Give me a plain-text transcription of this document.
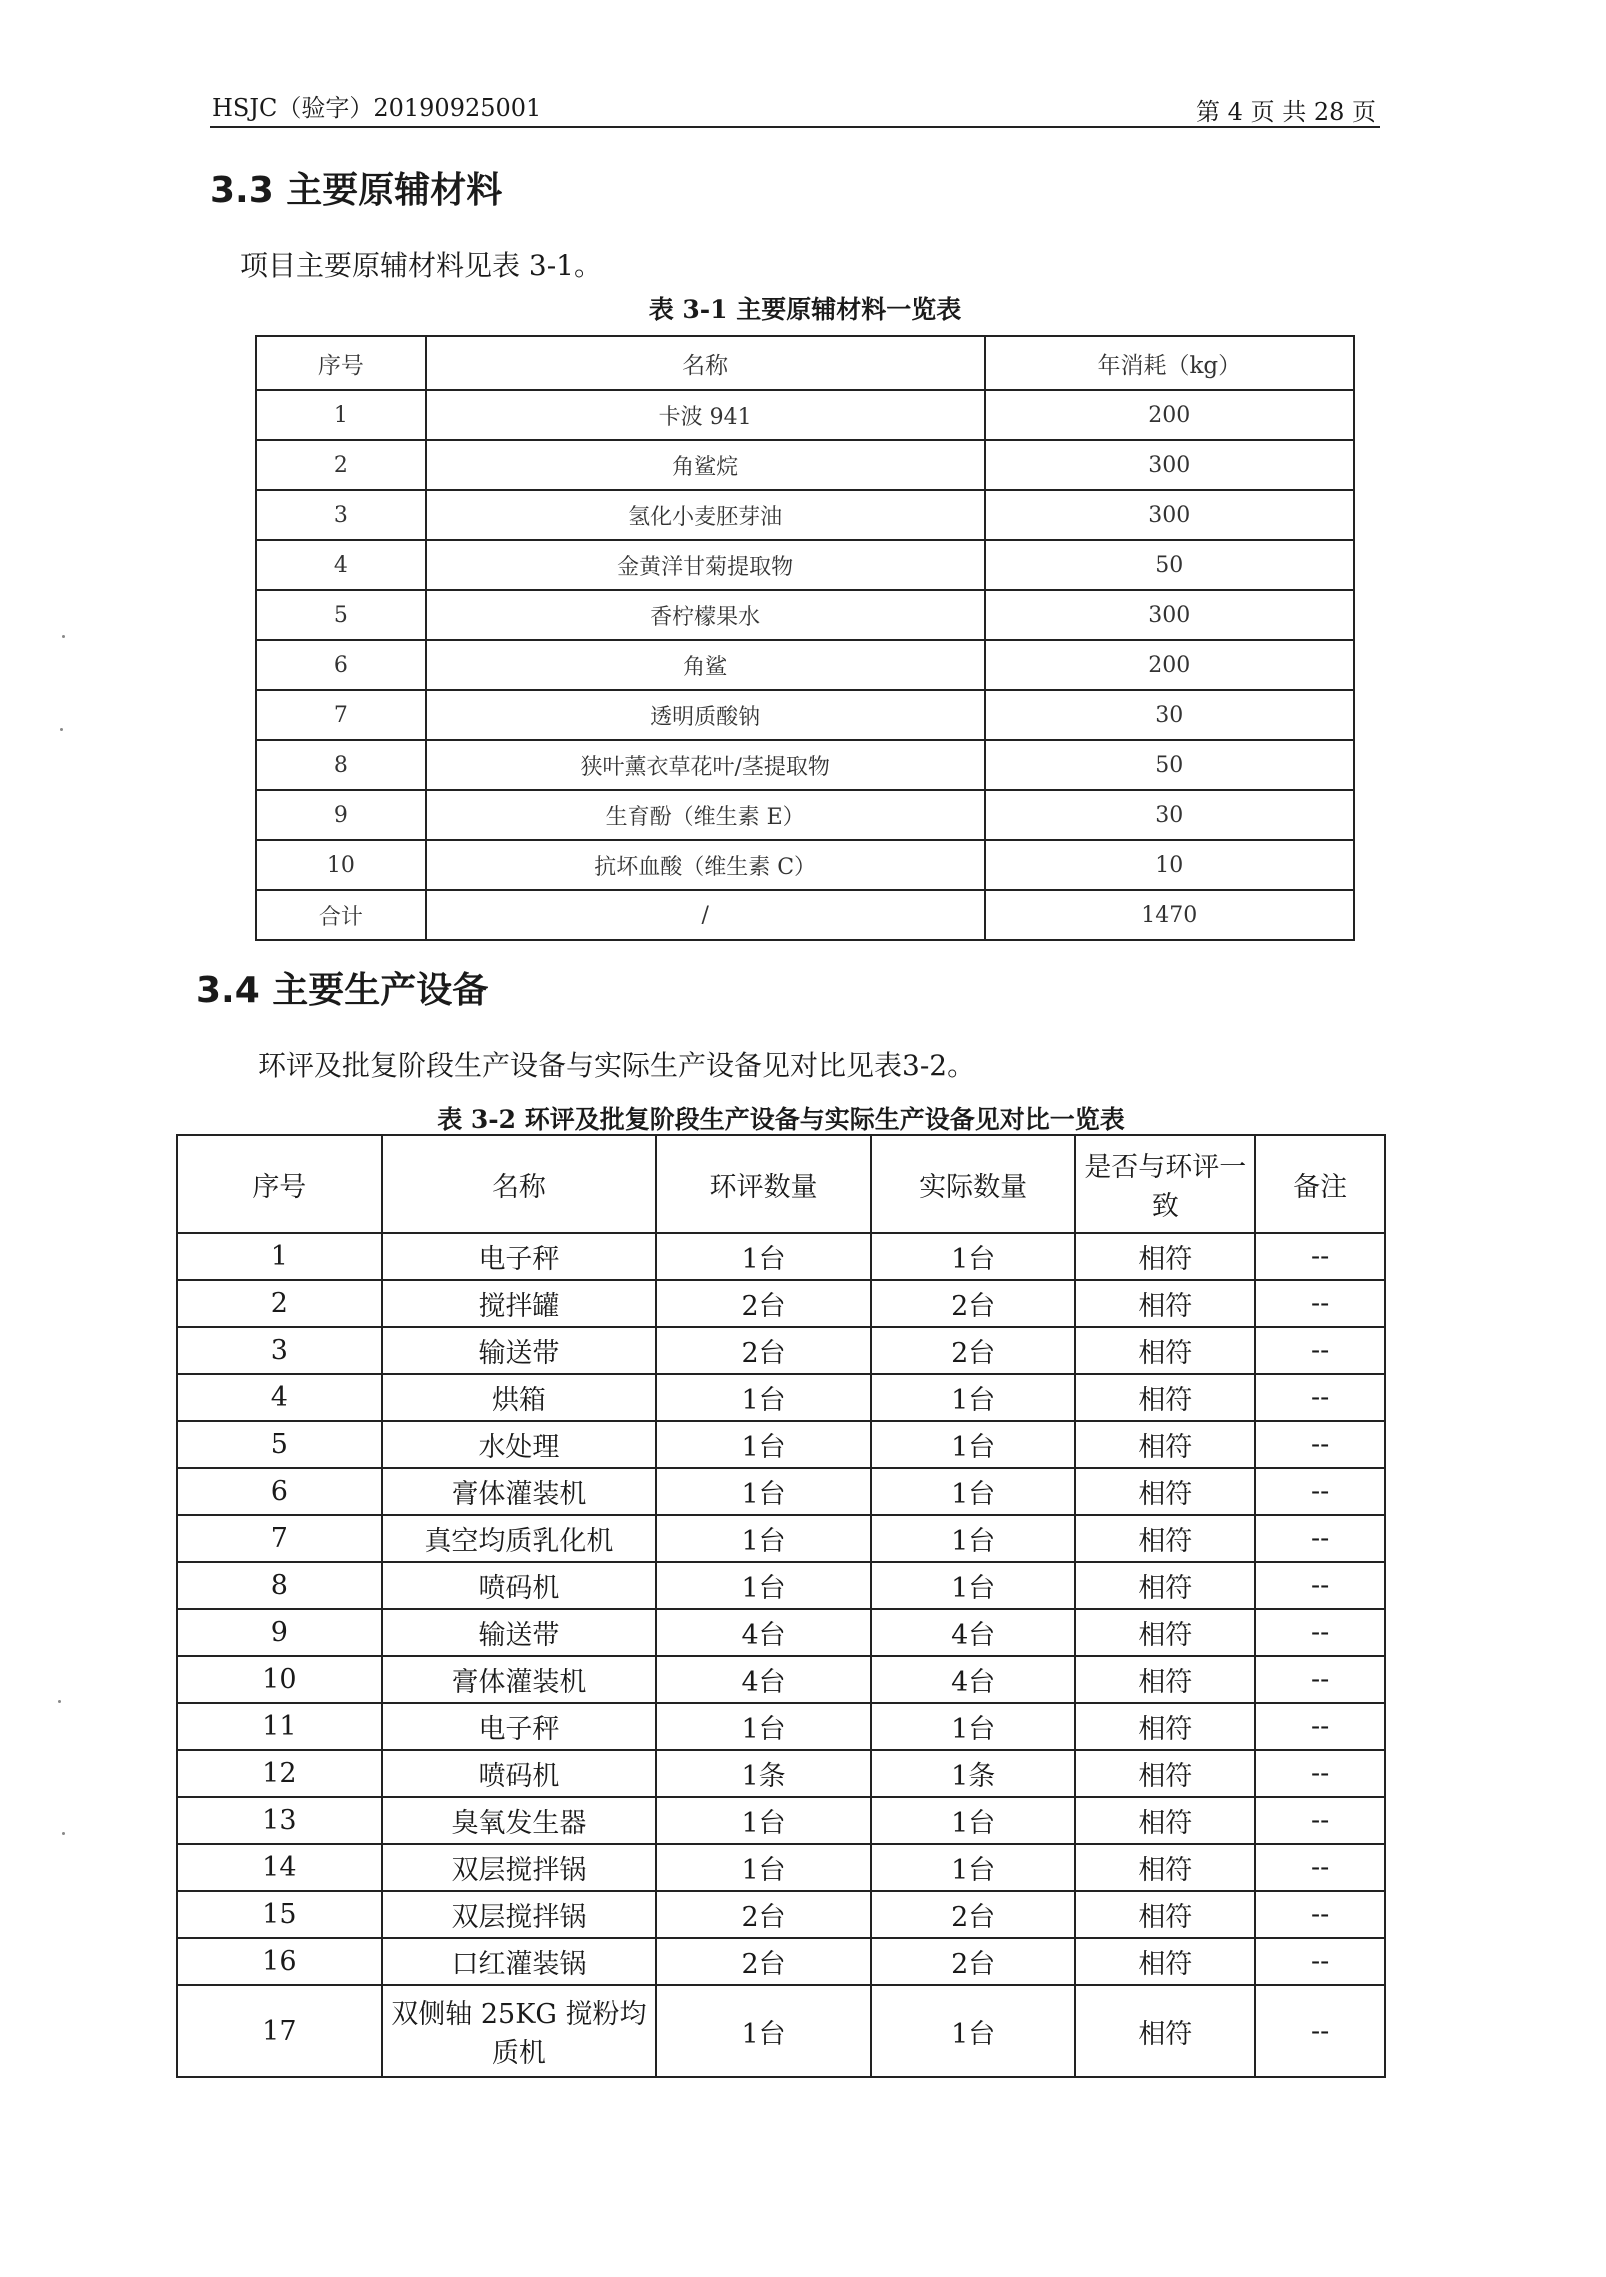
HSJC（验字）20190925001	第 4 页 共 28 页
3.3 主要原辅材料
项目主要原辅材料见表 3-1。
表 3-1 主要原辅材料一览表
序号	名称	年消耗（kg）
1	卡波 941	200
2	角鲨烷	300
3	氢化小麦胚芽油	300
4	金黄洋甘菊提取物	50
5	香柠檬果水	300
6	角鲨	200
7	透明质酸钠	30
8	狭叶薰衣草花叶/茎提取物	50
9	生育酚（维生素 E）	30
10	抗坏血酸（维生素 C）	10
合计	/	1470
3.4 主要生产设备
环评及批复阶段生产设备与实际生产设备见对比见表3-2。
表 3-2 环评及批复阶段生产设备与实际生产设备见对比一览表
序号	名称	环评数量	实际数量	是否与环评一致	备注
1	电子秤	1台	1台	相符	--
2	搅拌罐	2台	2台	相符	--
3	输送带	2台	2台	相符	--
4	烘箱	1台	1台	相符	--
5	水处理	1台	1台	相符	--
6	膏体灌装机	1台	1台	相符	--
7	真空均质乳化机	1台	1台	相符	--
8	喷码机	1台	1台	相符	--
9	输送带	4台	4台	相符	--
10	膏体灌装机	4台	4台	相符	--
11	电子秤	1台	1台	相符	--
12	喷码机	1条	1条	相符	--
13	臭氧发生器	1台	1台	相符	--
14	双层搅拌锅	1台	1台	相符	--
15	双层搅拌锅	2台	2台	相符	--
16	口红灌装锅	2台	2台	相符	--
17	双侧轴 25KG 搅粉均质机	1台	1台	相符	--
